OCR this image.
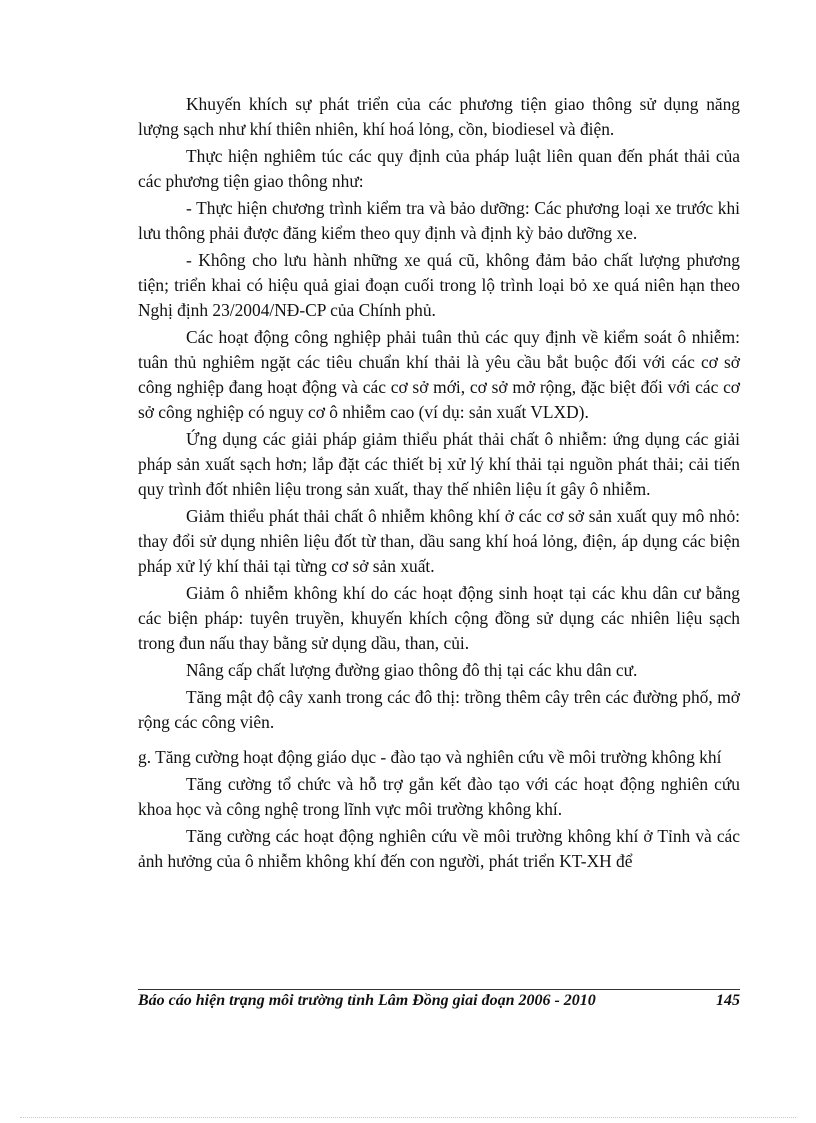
Khuyến khích sự phát triển của các phương tiện giao thông sử dụng năng lượng sạch như khí thiên nhiên, khí hoá lỏng, cồn, biodiesel và điện.

Thực hiện nghiêm túc các quy định của pháp luật liên quan đến phát thải của các phương tiện giao thông như:

- Thực hiện chương trình kiểm tra và bảo dưỡng: Các phương loại xe trước khi lưu thông phải được đăng kiểm theo quy định và định kỳ bảo dưỡng xe.

- Không cho lưu hành những xe quá cũ, không đảm bảo chất lượng phương tiện; triển khai có hiệu quả giai đoạn cuối trong lộ trình loại bỏ xe quá niên hạn theo Nghị định 23/2004/NĐ-CP của Chính phủ.

Các hoạt động công nghiệp phải tuân thủ các quy định về kiểm soát ô nhiễm: tuân thủ nghiêm ngặt các tiêu chuẩn khí thải là yêu cầu bắt buộc đối với các cơ sở công nghiệp đang hoạt động và các cơ sở mới, cơ sở mở rộng, đặc biệt đối với các cơ sở công nghiệp có nguy cơ ô nhiễm cao (ví dụ: sản xuất VLXD).

Ứng dụng các giải pháp giảm thiểu phát thải chất ô nhiễm: ứng dụng các giải pháp sản xuất sạch hơn; lắp đặt các thiết bị xử lý khí thải tại nguồn phát thải; cải tiến quy trình đốt nhiên liệu trong sản xuất, thay thế nhiên liệu ít gây ô nhiễm.

Giảm thiểu phát thải chất ô nhiễm không khí ở các cơ sở sản xuất quy mô nhỏ: thay đổi sử dụng nhiên liệu đốt từ than, dầu sang khí hoá lỏng, điện, áp dụng các biện pháp xử lý khí thải tại từng cơ sở sản xuất.

Giảm ô nhiễm không khí do các hoạt động sinh hoạt tại các khu dân cư bằng các biện pháp: tuyên truyền, khuyến khích cộng đồng sử dụng các nhiên liệu sạch trong đun nấu thay bằng sử dụng dầu, than, củi.

Nâng cấp chất lượng đường giao thông đô thị tại các khu dân cư.

Tăng mật độ cây xanh trong các đô thị: trồng thêm cây trên các đường phố, mở rộng các công viên.

g. Tăng cường hoạt động giáo dục - đào tạo và nghiên cứu về môi trường không khí

Tăng cường tổ chức và hỗ trợ gắn kết đào tạo với các hoạt động nghiên cứu khoa học và công nghệ trong lĩnh vực môi trường không khí.

Tăng cường các hoạt động nghiên cứu về môi trường không khí ở Tỉnh và các ảnh hưởng của ô nhiễm không khí đến con người, phát triển KT-XH để

Báo cáo hiện trạng môi trường tỉnh Lâm Đồng giai đoạn 2006 - 2010	145
